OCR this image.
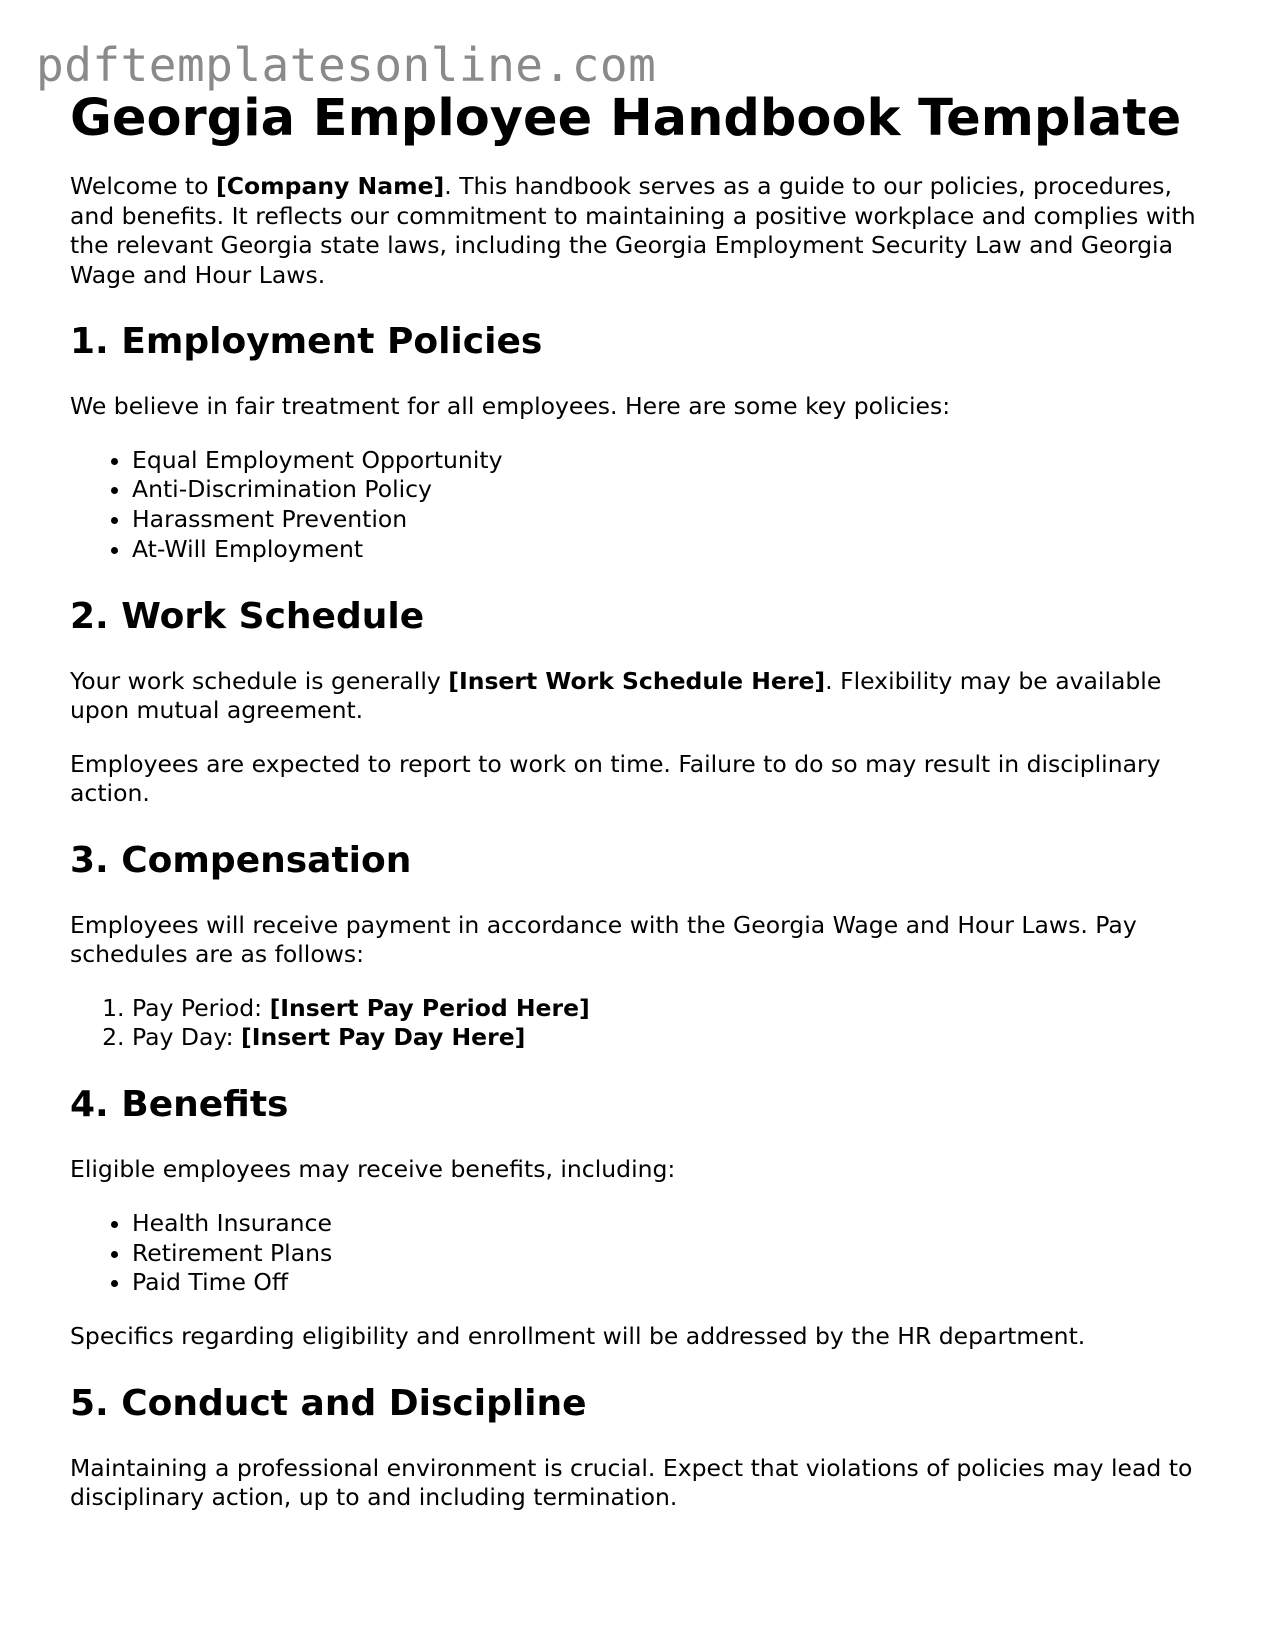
pdftemplatesonline.com
Georgia Employee Handbook Template

Welcome to [Company Name]. This handbook serves as a guide to our policies, procedures, and benefits. It reflects our commitment to maintaining a positive workplace and complies with the relevant Georgia state laws, including the Georgia Employment Security Law and Georgia Wage and Hour Laws.

1. Employment Policies

We believe in fair treatment for all employees. Here are some key policies:

• Equal Employment Opportunity
• Anti-Discrimination Policy
• Harassment Prevention
• At-Will Employment
2. Work Schedule

Your work schedule is generally [Insert Work Schedule Here]. Flexibility may be available upon mutual agreement.

Employees are expected to report to work on time. Failure to do so may result in disciplinary action.

3. Compensation

Employees will receive payment in accordance with the Georgia Wage and Hour Laws. Pay schedules are as follows:

1. Pay Period: [Insert Pay Period Here]
2. Pay Day: [Insert Pay Day Here]
4. Benefits

Eligible employees may receive benefits, including:

• Health Insurance
• Retirement Plans
• Paid Time Off

Specifics regarding eligibility and enrollment will be addressed by the HR department.

5. Conduct and Discipline

Maintaining a professional environment is crucial. Expect that violations of policies may lead to disciplinary action, up to and including termination.
